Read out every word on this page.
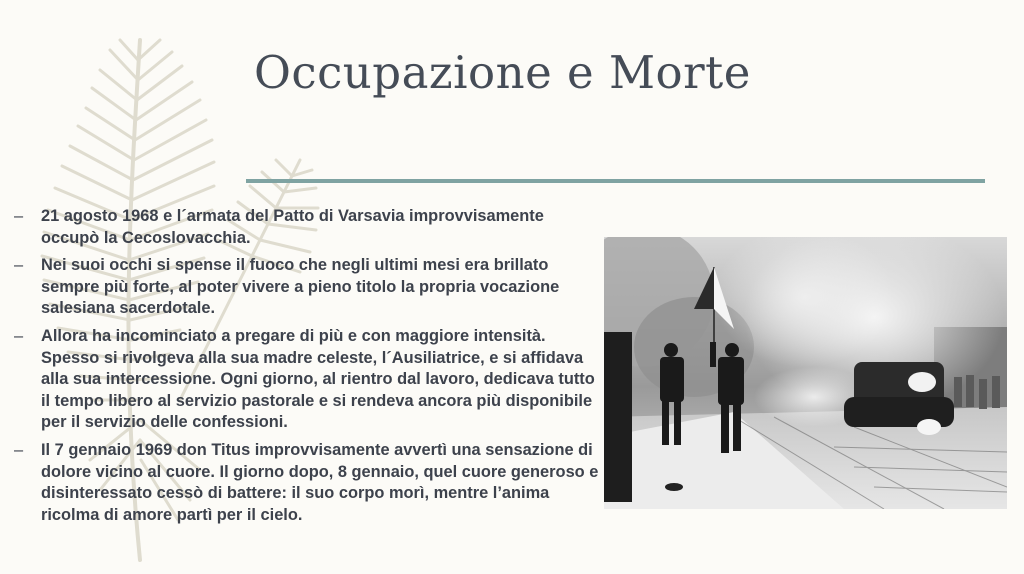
Occupazione e Morte
– 21 agosto 1968 e l´armata del Patto di Varsavia improvvisamente occupò la Cecoslovacchia.
– Nei suoi occhi si spense il fuoco che negli ultimi mesi era brillato sempre più forte, al poter vivere a pieno titolo la propria vocazione salesiana sacerdotale.
– Allora ha incominciato a pregare di più e con maggiore intensità. Spesso si rivolgeva alla sua madre celeste, l´Ausiliatrice, e si affidava alla sua intercessione. Ogni giorno, al rientro dal lavoro, dedicava tutto il tempo libero al servizio pastorale e si rendeva ancora più disponibile per il servizio delle confessioni.
– Il 7 gennaio 1969 don Titus improvvisamente avvertì una sensazione di dolore vicino al cuore. Il giorno dopo, 8 gennaio, quel cuore generoso e disinteressato cessò di battere: il suo corpo morì, mentre l’anima ricolma di amore partì per il cielo.
